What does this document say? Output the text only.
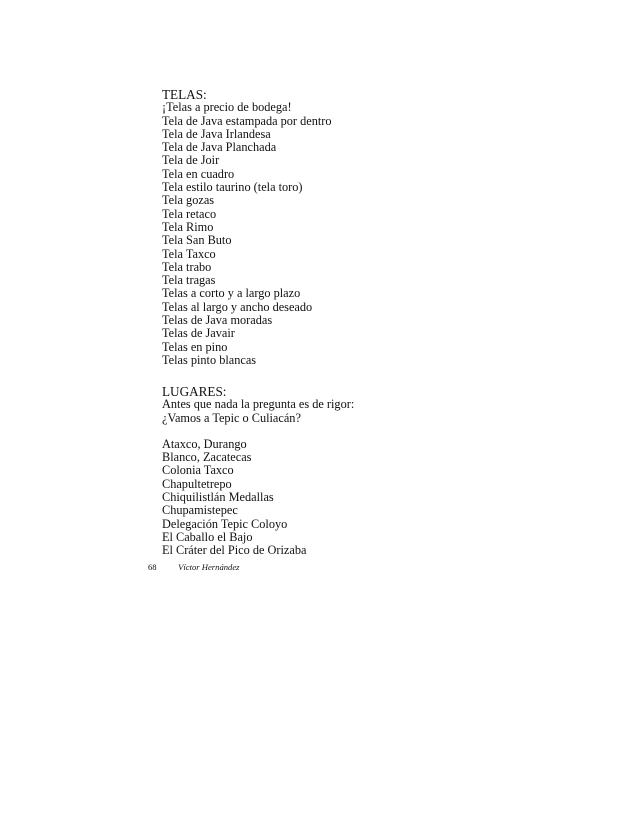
TELAS:

¡Telas a precio de bodega!

Tela de Java estampada por dentro

Tela de Java Irlandesa

Tela de Java Planchada

Tela de Joir

Tela en cuadro

Tela estilo taurino (tela toro)

Tela gozas

Tela retaco

Tela Rimo

Tela San Buto

Tela Taxco

Tela trabo

Tela tragas

Telas a corto y a largo plazo

Telas al largo y ancho deseado

Telas de Java moradas

Telas de Javair

Telas en pino

Telas pinto blancas

LUGARES:

Antes que nada la pregunta es de rigor:

¿Vamos a Tepic o Culiacán?

Ataxco, Durango

Blanco, Zacatecas

Colonia Taxco

Chapultetrepo

Chiquilistlán Medallas

Chupamistepec

Delegación Tepic Coloyo

El Caballo el Bajo

El Cráter del Pico de Orizaba

68	Víctor Hernández
